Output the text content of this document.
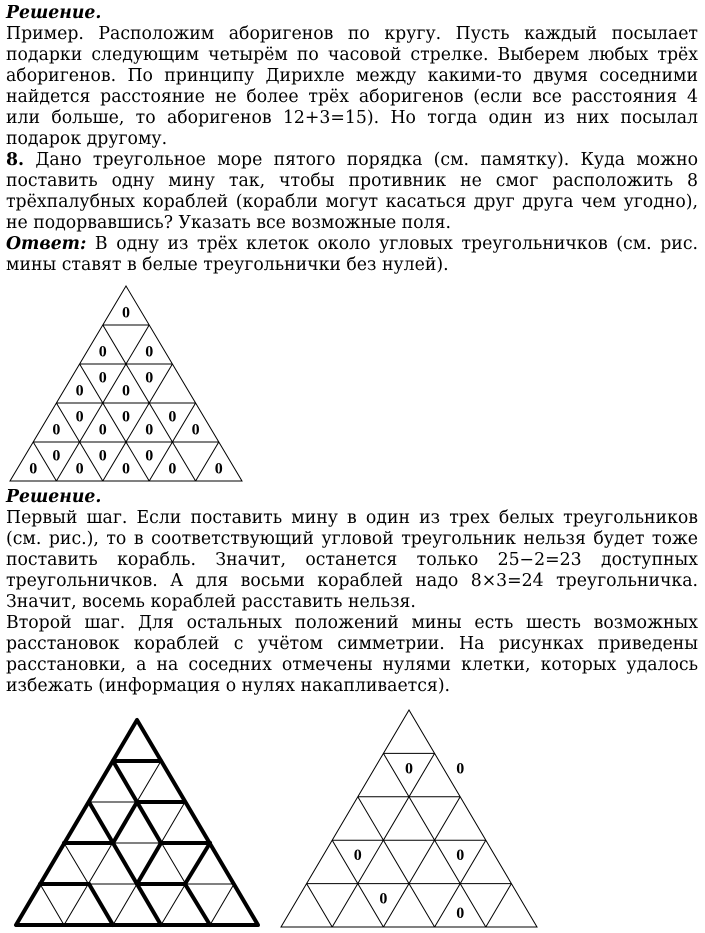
Решение.
Пример. Расположим аборигенов по кругу. Пусть каждый посылает подарки следующим четырём по часовой стрелке. Выберем любых трёх аборигенов. По принципу Дирихле между какими-то двумя соседними найдется расстояние не более трёх аборигенов (если все расстояния 4 или больше, то аборигенов 12+3=15). Но тогда один из них посылал подарок другому.

8. Дано треугольное море пятого порядка (см. памятку). Куда можно поставить одну мину так, чтобы противник не смог расположить 8 трёхпалубных кораблей (корабли могут касаться друг друга чем угодно), не подорвавшись? Указать все возможные поля.
Ответ: В одну из трёх клеток около угловых треугольничков (см. рис. мины ставят в белые треугольнички без нулей).

0
0 0
0
0
0
0
0
0
0
0
0
0
0
0
0
0
0
0
0
0 0

Решение.
Первый шаг. Если поставить мину в один из трех белых треугольников (см. рис.), то в соответствующий угловой треугольник нельзя будет тоже поставить корабль. Значит, останется только 25−2=23 доступных треугольничков. А для восьми кораблей надо 8×3=24 треугольничка. Значит, восемь кораблей расставить нельзя.
Второй шаг. Для остальных положений мины есть шесть возможных расстановок кораблей с учётом симметрии. На рисунках приведены расстановки, а на соседних отмечены нулями клетки, которых удалось избежать (информация о нулях накапливается).

0	0
0	0
0
0
